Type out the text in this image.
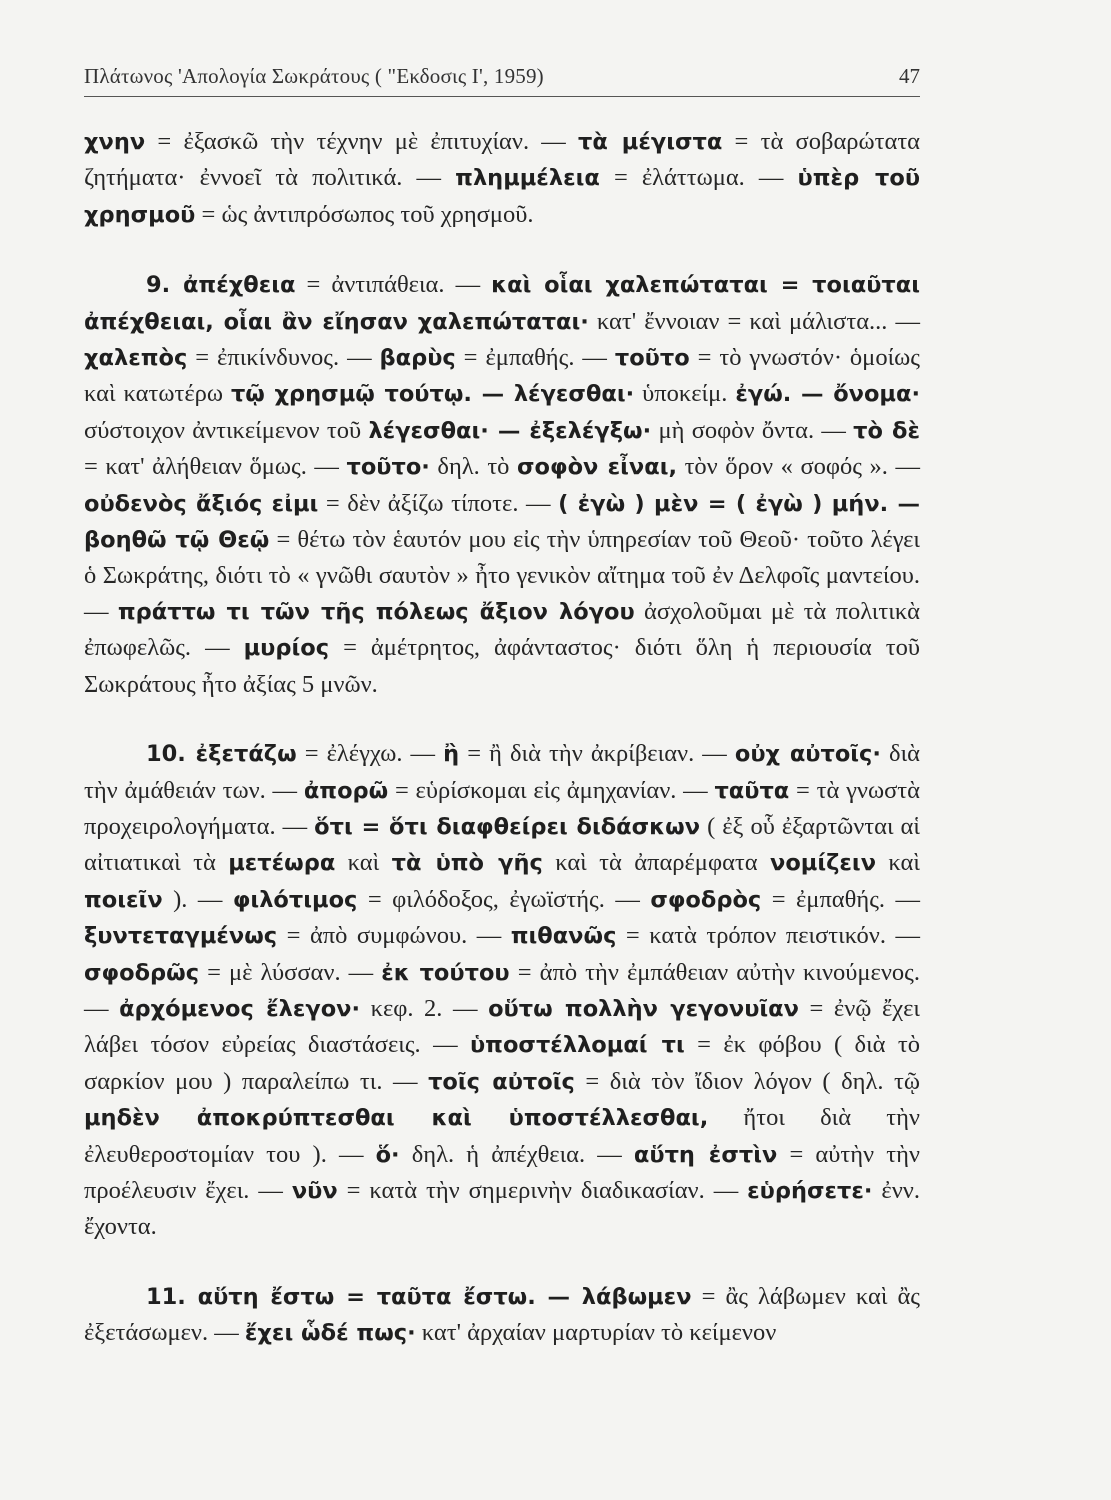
Πλάτωνος 'Απολογία Σωκράτους ( "Εκδοσις Ι', 1959)	47

χνην = ἐξασκῶ τὴν τέχνην μὲ ἐπιτυχίαν. — τὰ μέγιστα = τὰ σοβαρώτατα ζητήματα· ἐννοεῖ τὰ πολιτικά. — πλημμέλεια = ἐλάττωμα. — ὑπὲρ τοῦ χρησμοῦ = ὡς ἀντιπρόσωπος τοῦ χρησμοῦ.

9. ἀπέχθεια = ἀντιπάθεια. — καὶ οἷαι χαλεπώταται = τοιαῦται ἀπέχθειαι, οἷαι ἂν εἴησαν χαλεπώταται· κατ' ἔννοιαν = καὶ μάλιστα... — χαλεπὸς = ἐπικίνδυνος. — βαρὺς = ἐμπαθής. — τοῦτο = τὸ γνωστόν· ὁμοίως καὶ κατωτέρω τῷ χρησμῷ τούτῳ. — λέγεσθαι· ὑποκείμ. ἐγώ. — ὄνομα· σύστοιχον ἀντικείμενον τοῦ λέγεσθαι· — ἐξελέγξω· μὴ σοφὸν ὄντα. — τὸ δὲ = κατ' ἀλήθειαν ὅμως. — τοῦτο· δηλ. τὸ σοφὸν εἶναι, τὸν ὅρον « σοφός ». — οὐδενὸς ἄξιός εἰμι = δὲν ἀξίζω τίποτε. — ( ἐγὼ ) μὲν = ( ἐγὼ ) μήν. — βοηθῶ τῷ Θεῷ = θέτω τὸν ἑαυτόν μου εἰς τὴν ὑπηρεσίαν τοῦ Θεοῦ· τοῦτο λέγει ὁ Σωκράτης, διότι τὸ « γνῶθι σαυτὸν » ἦτο γενικὸν αἴτημα τοῦ ἐν Δελφοῖς μαντείου. — πράττω τι τῶν τῆς πόλεως ἄξιον λόγου ἀσχολοῦμαι μὲ τὰ πολιτικὰ ἐπωφελῶς. — μυρίος = ἀμέτρητος, ἀφάνταστος· διότι ὅλη ἡ περιουσία τοῦ Σωκράτους ἦτο ἀξίας 5 μνῶν.

10. ἐξετάζω = ἐλέγχω. — ἢ = ἢ διὰ τὴν ἀκρίβειαν. — οὐχ αὐτοῖς· διὰ τὴν ἀμάθειάν των. — ἀπορῶ = εὑρίσκομαι εἰς ἀμηχανίαν. — ταῦτα = τὰ γνωστὰ προχειρολογήματα. — ὅτι = ὅτι διαφθείρει διδάσκων ( ἐξ οὗ ἐξαρτῶνται αἱ αἰτιατικαὶ τὰ μετέωρα καὶ τὰ ὑπὸ γῆς καὶ τὰ ἀπαρέμφατα νομίζειν καὶ ποιεῖν ). — φιλότιμος = φιλόδοξος, ἐγωϊστής. — σφοδρὸς = ἐμπαθής. — ξυντεταγμένως = ἀπὸ συμφώνου. — πιθανῶς = κατὰ τρόπον πειστικόν. — σφοδρῶς = μὲ λύσσαν. — ἐκ τούτου = ἀπὸ τὴν ἐμπάθειαν αὐτὴν κινούμενος. — ἀρχόμενος ἔλεγον· κεφ. 2. — οὕτω πολλὴν γεγονυῖαν = ἐνῷ ἔχει λάβει τόσον εὐρείας διαστάσεις. — ὑποστέλλομαί τι = ἐκ φόβου ( διὰ τὸ σαρκίον μου ) παραλείπω τι. — τοῖς αὐτοῖς = διὰ τὸν ἴδιον λόγον ( δηλ. τῷ μηδὲν ἀποκρύπτεσθαι καὶ ὑποστέλλεσθαι, ἤτοι διὰ τὴν ἐλευθεροστομίαν του ). — ὅ· δηλ. ἡ ἀπέχθεια. — αὕτη ἐστὶν = αὐτὴν τὴν προέλευσιν ἔχει. — νῦν = κατὰ τὴν σημερινὴν διαδικασίαν. — εὑρήσετε· ἐνν. ἔχοντα.

11. αὕτη ἔστω = ταῦτα ἔστω. — λάβωμεν = ἂς λάβωμεν καὶ ἂς ἐξετάσωμεν. — ἔχει ὧδέ πως· κατ' ἀρχαίαν μαρτυρίαν τὸ κείμενον
